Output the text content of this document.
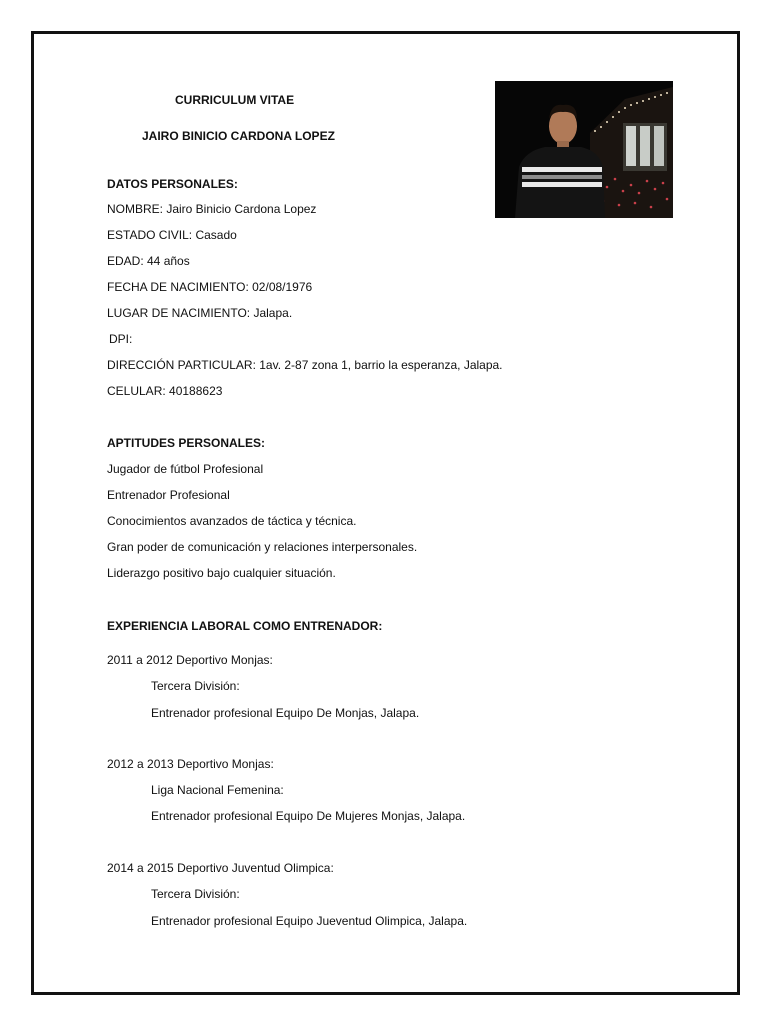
CURRICULUM VITAE
JAIRO BINICIO CARDONA LOPEZ
DATOS PERSONALES:
NOMBRE: Jairo Binicio Cardona Lopez
ESTADO CIVIL: Casado
EDAD: 44 años
FECHA DE NACIMIENTO: 02/08/1976
LUGAR DE NACIMIENTO: Jalapa.
DPI:
DIRECCIÓN PARTICULAR: 1av. 2-87 zona 1, barrio la esperanza, Jalapa.
CELULAR: 40188623
APTITUDES PERSONALES:
Jugador de fútbol Profesional
Entrenador Profesional
Conocimientos avanzados de táctica y técnica.
Gran poder de comunicación y relaciones interpersonales.
Liderazgo positivo bajo cualquier situación.
EXPERIENCIA LABORAL COMO ENTRENADOR:
2011 a 2012 Deportivo Monjas:
Tercera División:
Entrenador profesional Equipo De Monjas, Jalapa.
2012 a 2013 Deportivo Monjas:
Liga Nacional Femenina:
Entrenador profesional Equipo De Mujeres Monjas, Jalapa.
2014 a 2015 Deportivo Juventud Olimpica:
Tercera División:
Entrenador profesional Equipo Jueventud Olimpica, Jalapa.
